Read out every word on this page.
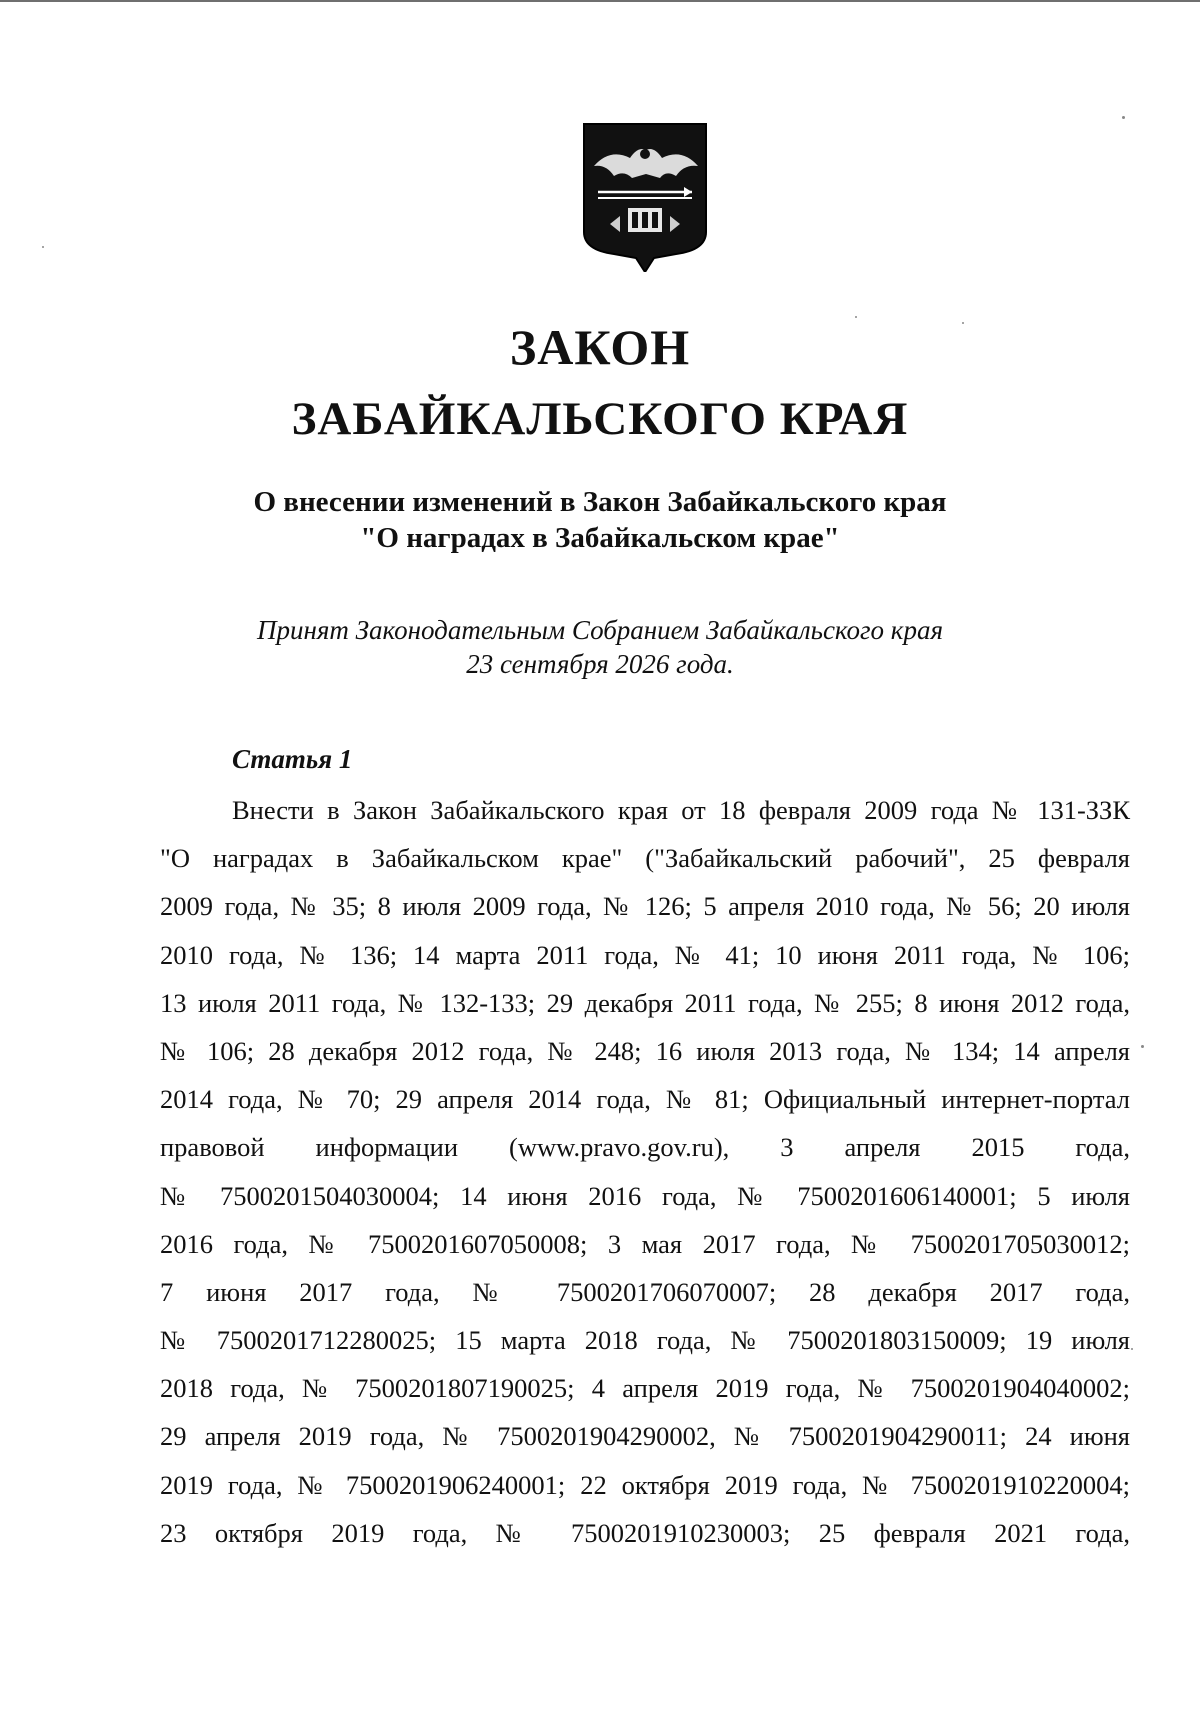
ЗАКОН
ЗАБАЙКАЛЬСКОГО КРАЯ
О внесении изменений в Закон Забайкальского края
"О наградах в Забайкальском крае"
Принят Законодательным Собранием Забайкальского края
23 сентября 2026 года.
Статья 1
Внести в Закон Забайкальского края от 18 февраля 2009 года № 131-ЗЗК
"О наградах в Забайкальском крае" ("Забайкальский рабочий", 25 февраля
2009 года, № 35; 8 июля 2009 года, № 126; 5 апреля 2010 года, № 56; 20 июля
2010 года, № 136; 14 марта 2011 года, № 41; 10 июня 2011 года, № 106;
13 июля 2011 года, № 132-133; 29 декабря 2011 года, № 255; 8 июня 2012 года,
№ 106; 28 декабря 2012 года, № 248; 16 июля 2013 года, № 134; 14 апреля
2014 года, № 70; 29 апреля 2014 года, № 81; Официальный интернет-портал
правовой информации (www.pravo.gov.ru), 3 апреля 2015 года,
№ 7500201504030004; 14 июня 2016 года, № 7500201606140001; 5 июля
2016 года, № 7500201607050008; 3 мая 2017 года, № 7500201705030012;
7 июня 2017 года, № 7500201706070007; 28 декабря 2017 года,
№ 7500201712280025; 15 марта 2018 года, № 7500201803150009; 19 июля
2018 года, № 7500201807190025; 4 апреля 2019 года, № 7500201904040002;
29 апреля 2019 года, № 7500201904290002, № 7500201904290011; 24 июня
2019 года, № 7500201906240001; 22 октября 2019 года, № 7500201910220004;
23 октября 2019 года, № 7500201910230003; 25 февраля 2021 года,
